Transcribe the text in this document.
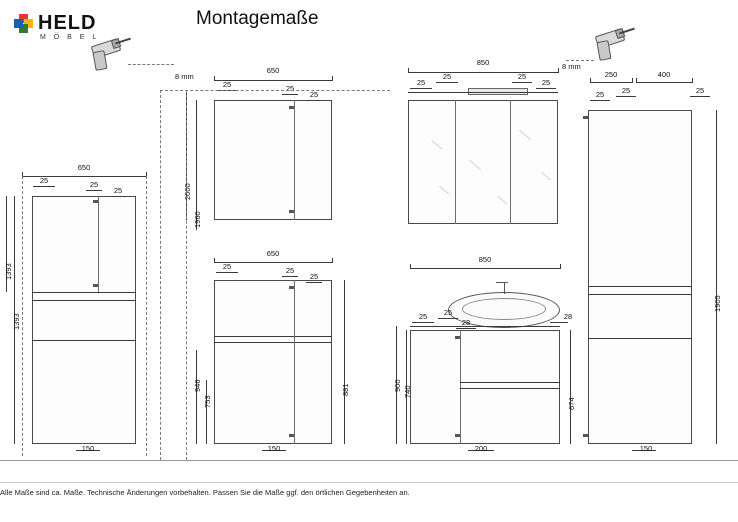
HELD
M Ö B E L
Montagemaße
8 mm
8 mm
650
25	25
25
1393
1393
150
650
25	25
25
2000
1960
650
25	25
25
946
753
881
150
850
25
25	25
25
850
25 25
28
28
900 740
674
200
250	400
25 25	25
1905
150
Alle Maße sind ca. Maße. Technische Änderungen vorbehalten. Passen Sie die Maße ggf. den örtlichen Gegebenheiten an.
